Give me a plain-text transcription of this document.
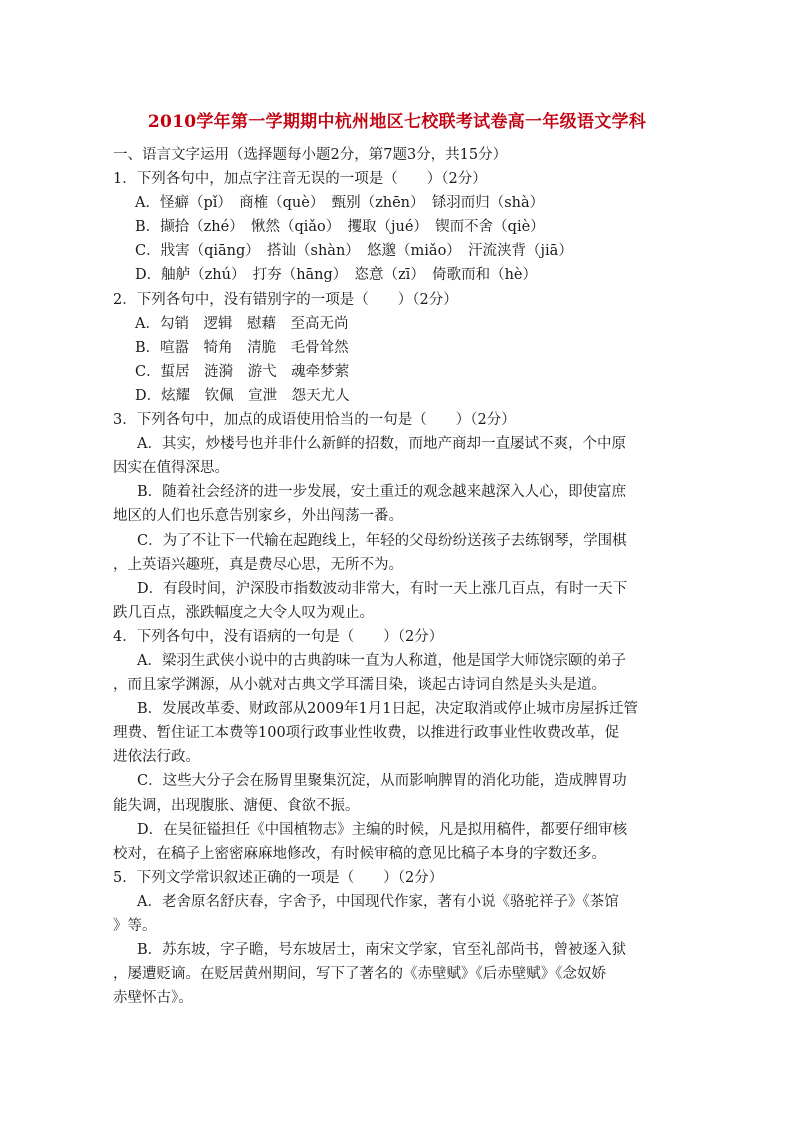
2010学年第一学期期中杭州地区七校联考试卷高一年级语文学科
一、语言文字运用（选择题每小题2分，第7题3分，共15分）
1．下列各句中，加点字注音无误的一项是（　　）（2分）
A．怪癖（pǐ）　商榷（què）　甄别（zhēn）　铩羽而归（shà）
B．撷拾（zhé）　愀然（qiǎo）　攫取（jué）　锲而不舍（qiè）
C．戕害（qiāng）　搭讪（shàn）　悠邈（miǎo）　汗流浃背（jiā）
D．舳舻（zhú）　打夯（hāng）　恣意（zī）　倚歌而和（hè）
2．下列各句中，没有错别字的一项是（　　）（2分）
A．勾销　逻辑　慰藉　至高无尚
B．喧嚣　犄角　清脆　毛骨耸然
C．蜇居　涟漪　游弋　魂牵梦萦
D．炫耀　钦佩　宣泄　怨天尤人
3．下列各句中，加点的成语使用恰当的一句是（　　）（2分）
A．其实，炒楼号也并非什么新鲜的招数，而地产商却一直屡试不爽，个中原
因实在值得深思。
B．随着社会经济的进一步发展，安土重迁的观念越来越深入人心，即使富庶
地区的人们也乐意告别家乡，外出闯荡一番。
C．为了不让下一代输在起跑线上，年轻的父母纷纷送孩子去练钢琴，学围棋
，上英语兴趣班，真是费尽心思，无所不为。
D．有段时间，沪深股市指数波动非常大，有时一天上涨几百点，有时一天下
跌几百点，涨跌幅度之大令人叹为观止。
4．下列各句中，没有语病的一句是（　　）（2分）
A．梁羽生武侠小说中的古典韵味一直为人称道，他是国学大师饶宗颐的弟子
，而且家学渊源，从小就对古典文学耳濡目染，谈起古诗词自然是头头是道。
B．发展改革委、财政部从2009年1月1日起，决定取消或停止城市房屋拆迁管
理费、暂住证工本费等100项行政事业性收费，以推进行政事业性收费改革，促
进依法行政。
C．这些大分子会在肠胃里聚集沉淀，从而影响脾胃的消化功能，造成脾胃功
能失调，出现腹胀、溏便、食欲不振。
D．在吴征镒担任《中国植物志》主编的时候，凡是拟用稿件，都要仔细审核
校对，在稿子上密密麻麻地修改，有时候审稿的意见比稿子本身的字数还多。
5．下列文学常识叙述正确的一项是（　　）（2分）
A．老舍原名舒庆春，字舍予，中国现代作家，著有小说《骆驼祥子》《茶馆
》等。
B．苏东坡，字子瞻，号东坡居士，南宋文学家，官至礼部尚书，曾被逐入狱
，屡遭贬谪。在贬居黄州期间，写下了著名的《赤壁赋》《后赤壁赋》《念奴娇
赤壁怀古》。
